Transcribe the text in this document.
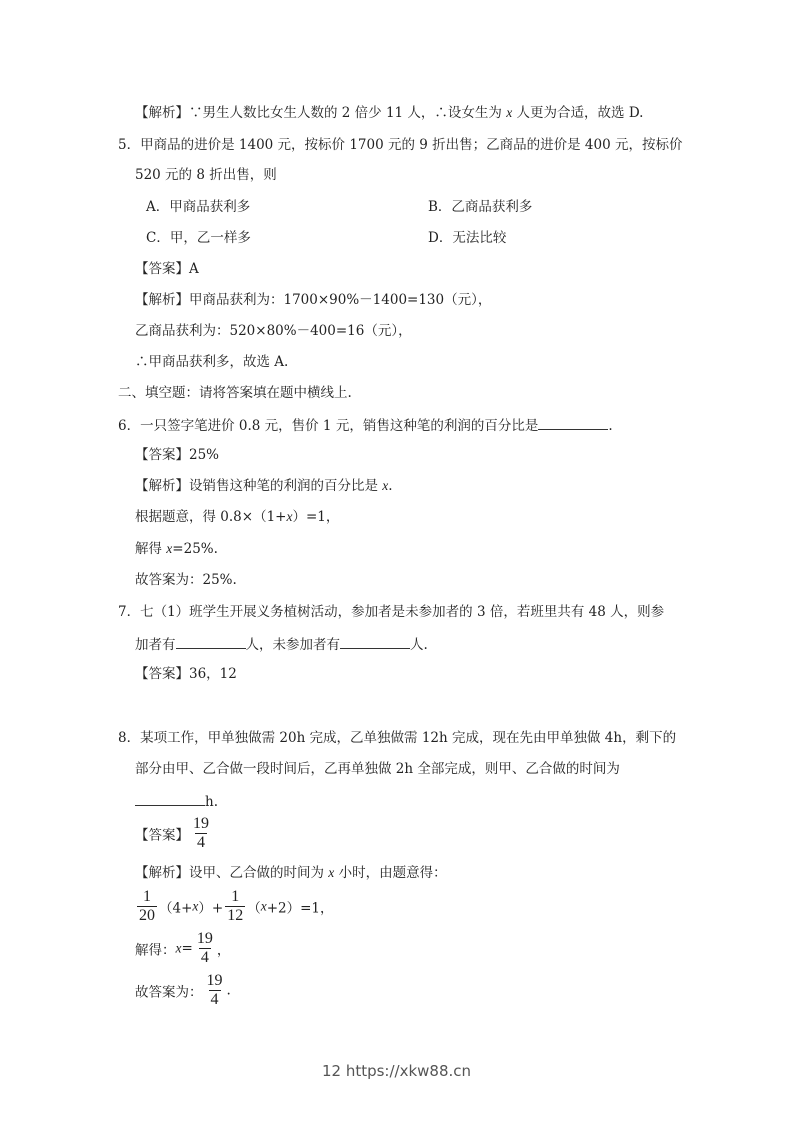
【解析】∵男生人数比女生人数的 2 倍少 11 人，∴设女生为 x 人更为合适，故选 D.
5．甲商品的进价是 1400 元，按标价 1700 元的 9 折出售；乙商品的进价是 400 元，按标价
520 元的 8 折出售，则
A．甲商品获利多	B．乙商品获利多
C．甲，乙一样多	D．无法比较
【答案】A
【解析】甲商品获利为：1700×90%－1400=130（元），
乙商品获利为：520×80%－400=16（元），
∴甲商品获利多，故选 A.
二、填空题：请将答案填在题中横线上.
6．一只签字笔进价 0.8 元，售价 1 元，销售这种笔的利润的百分比是	.
【答案】25%
【解析】设销售这种笔的利润的百分比是 x.
根据题意，得 0.8×（1+x）=1，
解得 x=25%.
故答案为：25%.
7．七（1）班学生开展义务植树活动，参加者是未参加者的 3 倍，若班里共有 48 人，则参
加者有	人，未参加者有	人.
【答案】36，12
8．某项工作，甲单独做需 20h 完成，乙单独做需 12h 完成，现在先由甲单独做 4h，剩下的
部分由甲、乙合做一段时间后，乙再单独做 2h 全部完成，则甲、乙合做的时间为
h.
【答案】 $\frac{19}{4}$
【解析】设甲、乙合做的时间为 x 小时，由题意得：
$\frac{1}{20} (4+x)+ \frac{1}{12} (x+2)=1$，
解得：$x= \frac{19}{4}$ ，
故答案为： $\frac{19}{4}$ .
12 https://xkw88.cn
